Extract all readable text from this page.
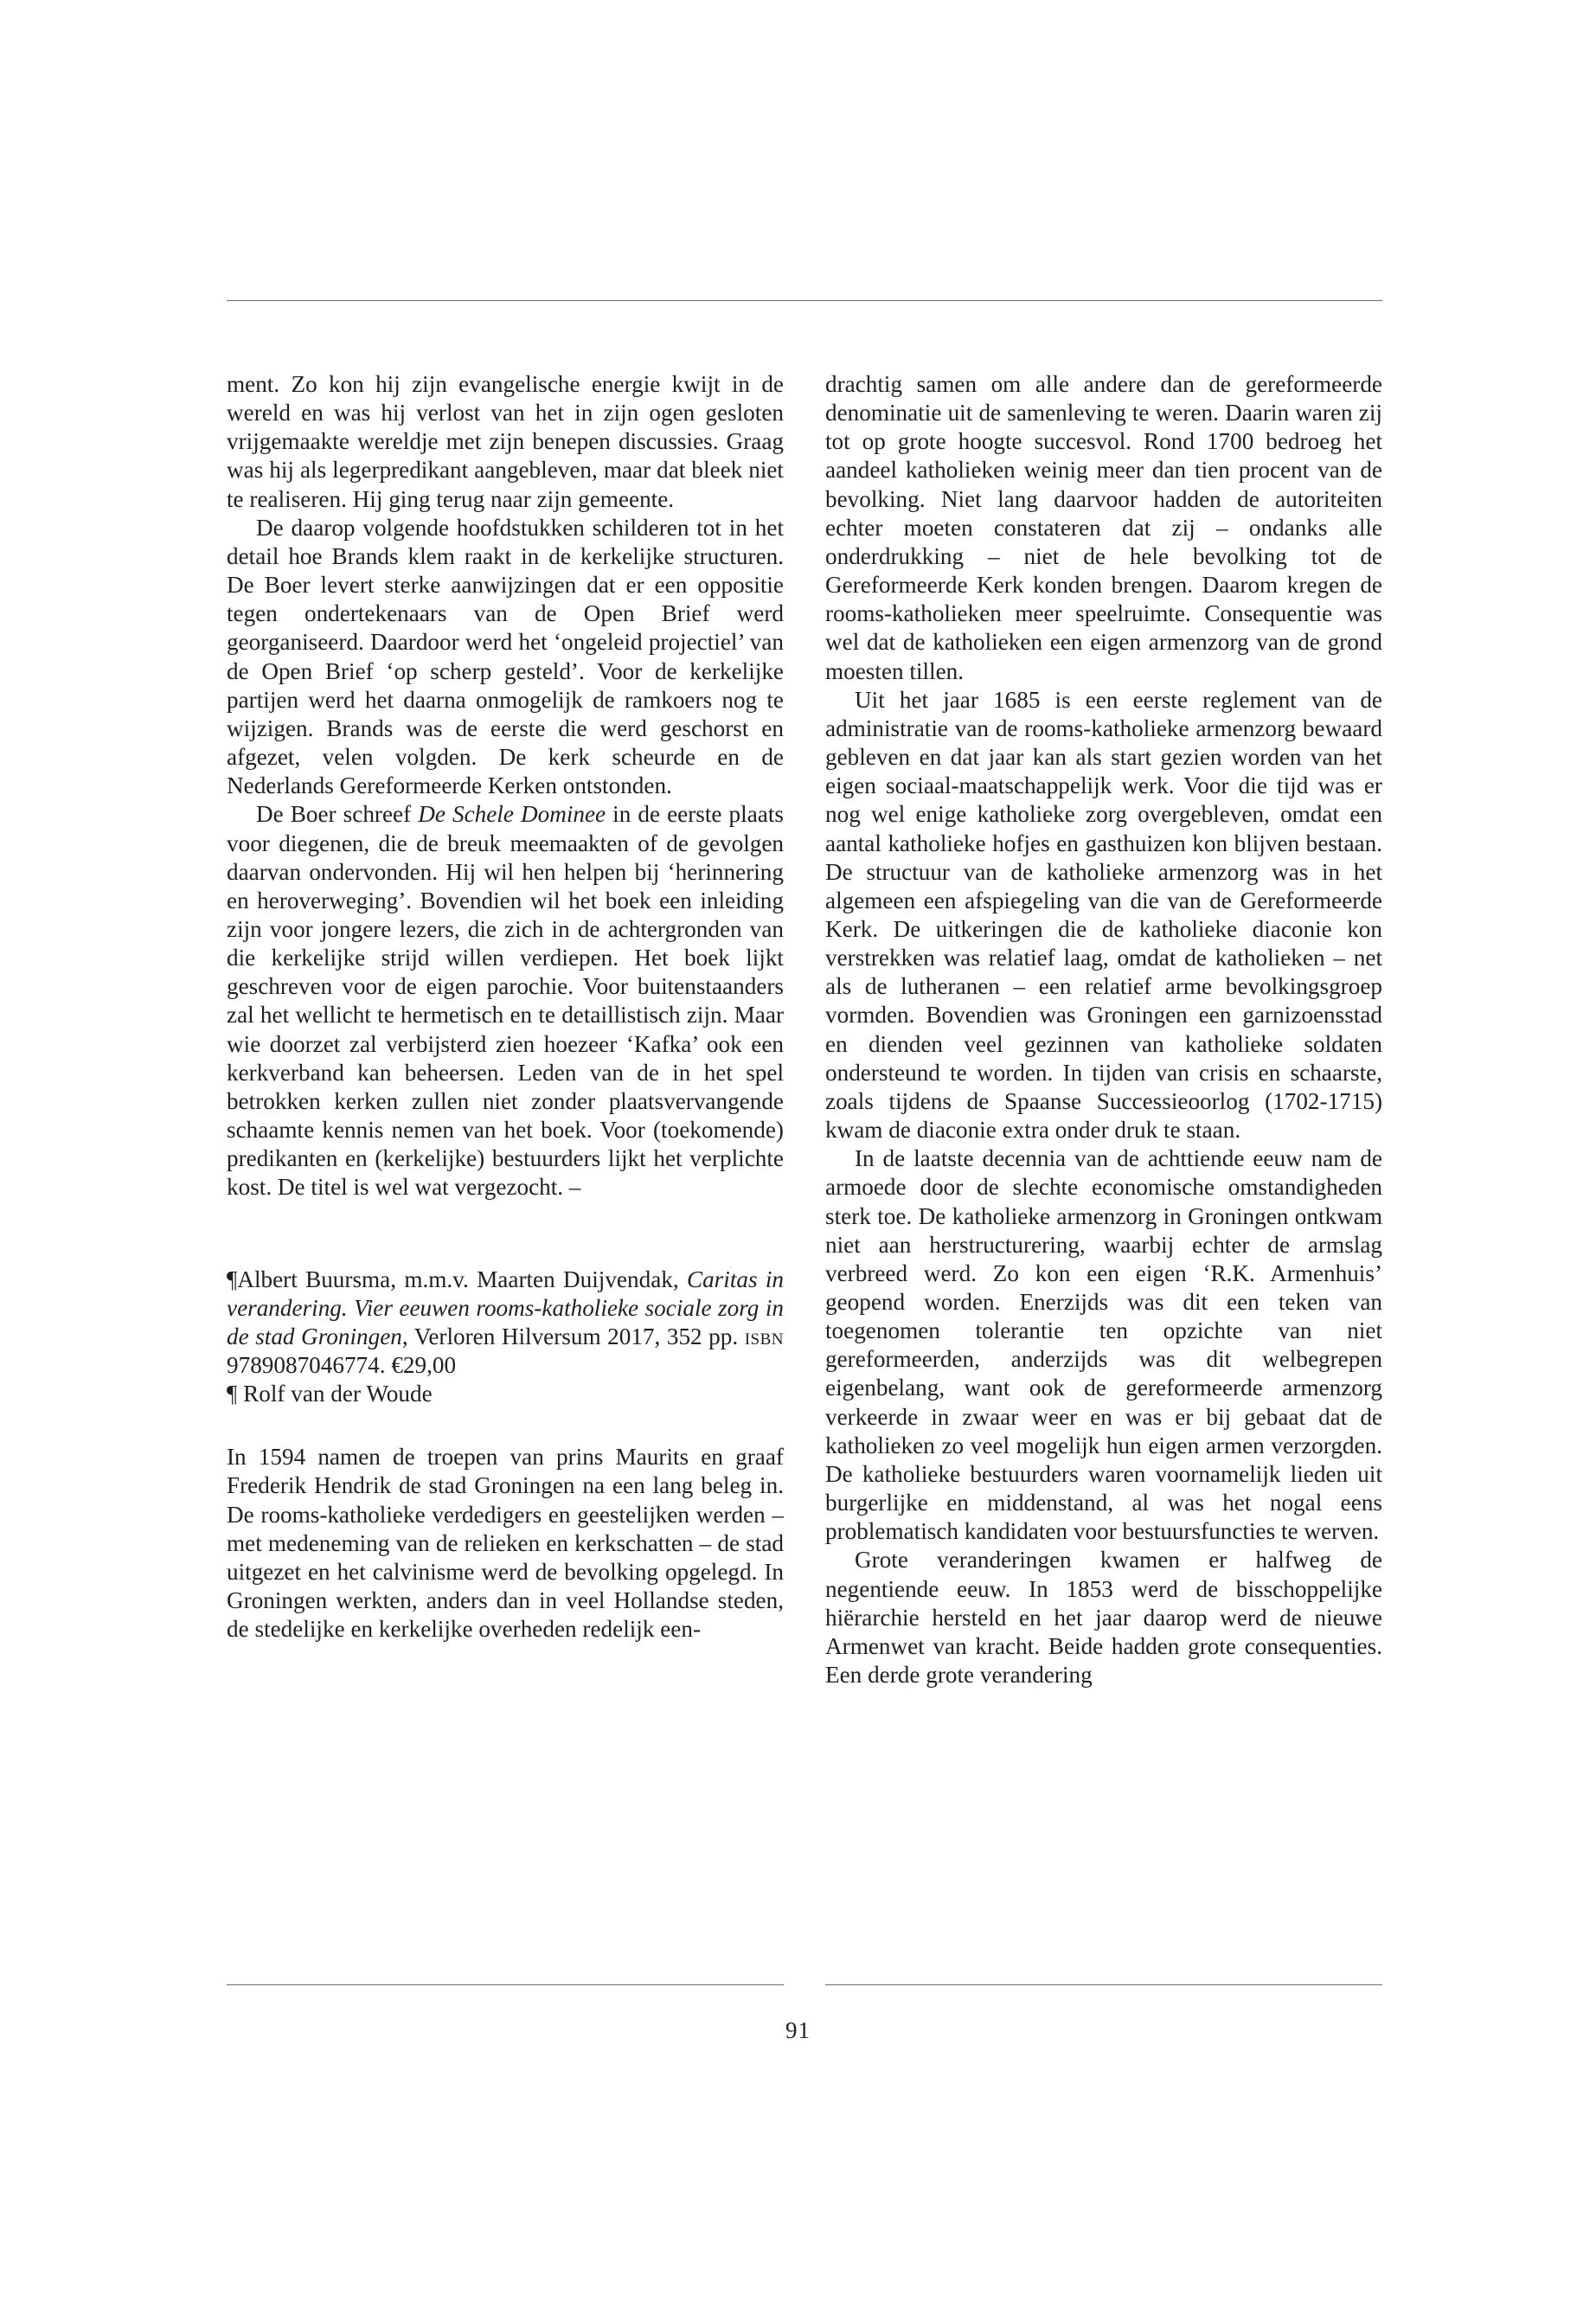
ment. Zo kon hij zijn evangelische energie kwijt in de wereld en was hij verlost van het in zijn ogen gesloten vrijgemaakte wereldje met zijn benepen discussies. Graag was hij als legerpredikant aangebleven, maar dat bleek niet te realiseren. Hij ging terug naar zijn gemeente.

De daarop volgende hoofdstukken schilderen tot in het detail hoe Brands klem raakt in de kerkelijke structuren. De Boer levert sterke aanwijzingen dat er een oppositie tegen ondertekenaars van de Open Brief werd georganiseerd. Daardoor werd het ‘ongeleid projectiel’ van de Open Brief ‘op scherp gesteld’. Voor de kerkelijke partijen werd het daarna onmogelijk de ramkoers nog te wijzigen. Brands was de eerste die werd geschorst en afgezet, velen volgden. De kerk scheurde en de Nederlands Gereformeerde Kerken ontstonden.

De Boer schreef De Schele Dominee in de eerste plaats voor diegenen, die de breuk meemaakten of de gevolgen daarvan ondervonden. Hij wil hen helpen bij ‘herinnering en heroverweging’. Bovendien wil het boek een inleiding zijn voor jongere lezers, die zich in de achtergronden van die kerkelijke strijd willen verdiepen. Het boek lijkt geschreven voor de eigen parochie. Voor buitenstaanders zal het wellicht te hermetisch en te detaillistisch zijn. Maar wie doorzet zal verbijsterd zien hoezeer ‘Kafka’ ook een kerkverband kan beheersen. Leden van de in het spel betrokken kerken zullen niet zonder plaatsvervangende schaamte kennis nemen van het boek. Voor (toekomende) predikanten en (kerkelijke) bestuurders lijkt het verplichte kost. De titel is wel wat vergezocht. –

¶Albert Buursma, m.m.v. Maarten Duijvendak, Caritas in verandering. Vier eeuwen rooms-katholieke sociale zorg in de stad Groningen, Verloren Hilversum 2017, 352 pp. isbn 9789087046774. €29,00

¶ Rolf van der Woude

In 1594 namen de troepen van prins Maurits en graaf Frederik Hendrik de stad Groningen na een lang beleg in. De rooms-katholieke verdedigers en geestelijken werden – met medeneming van de relieken en kerkschatten – de stad uitgezet en het calvinisme werd de bevolking opgelegd. In Groningen werkten, anders dan in veel Hollandse steden, de stedelijke en kerkelijke overheden redelijk een-

drachtig samen om alle andere dan de gereformeerde denominatie uit de samenleving te weren. Daarin waren zij tot op grote hoogte succesvol. Rond 1700 bedroeg het aandeel katholieken weinig meer dan tien procent van de bevolking. Niet lang daarvoor hadden de autoriteiten echter moeten constateren dat zij – ondanks alle onderdrukking – niet de hele bevolking tot de Gereformeerde Kerk konden brengen. Daarom kregen de rooms-katholieken meer speelruimte. Consequentie was wel dat de katholieken een eigen armenzorg van de grond moesten tillen.

Uit het jaar 1685 is een eerste reglement van de administratie van de rooms-katholieke armenzorg bewaard gebleven en dat jaar kan als start gezien worden van het eigen sociaal-maatschappelijk werk. Voor die tijd was er nog wel enige katholieke zorg overgebleven, omdat een aantal katholieke hofjes en gasthuizen kon blijven bestaan. De structuur van de katholieke armenzorg was in het algemeen een afspiegeling van die van de Gereformeerde Kerk. De uitkeringen die de katholieke diaconie kon verstrekken was relatief laag, omdat de katholieken – net als de lutheranen – een relatief arme bevolkingsgroep vormden. Bovendien was Groningen een garnizoensstad en dienden veel gezinnen van katholieke soldaten ondersteund te worden. In tijden van crisis en schaarste, zoals tijdens de Spaanse Successieoorlog (1702-1715) kwam de diaconie extra onder druk te staan.

In de laatste decennia van de achttiende eeuw nam de armoede door de slechte economische omstandigheden sterk toe. De katholieke armenzorg in Groningen ontkwam niet aan herstructurering, waarbij echter de armslag verbreed werd. Zo kon een eigen ‘R.K. Armenhuis’ geopend worden. Enerzijds was dit een teken van toegenomen tolerantie ten opzichte van niet gereformeerden, anderzijds was dit welbegrepen eigenbelang, want ook de gereformeerde armenzorg verkeerde in zwaar weer en was er bij gebaat dat de katholieken zo veel mogelijk hun eigen armen verzorgden. De katholieke bestuurders waren voornamelijk lieden uit burgerlijke en middenstand, al was het nogal eens problematisch kandidaten voor bestuursfuncties te werven.

Grote veranderingen kwamen er halfweg de negentiende eeuw. In 1853 werd de bisschoppelijke hiërarchie hersteld en het jaar daarop werd de nieuwe Armenwet van kracht. Beide hadden grote consequenties. Een derde grote verandering

91
